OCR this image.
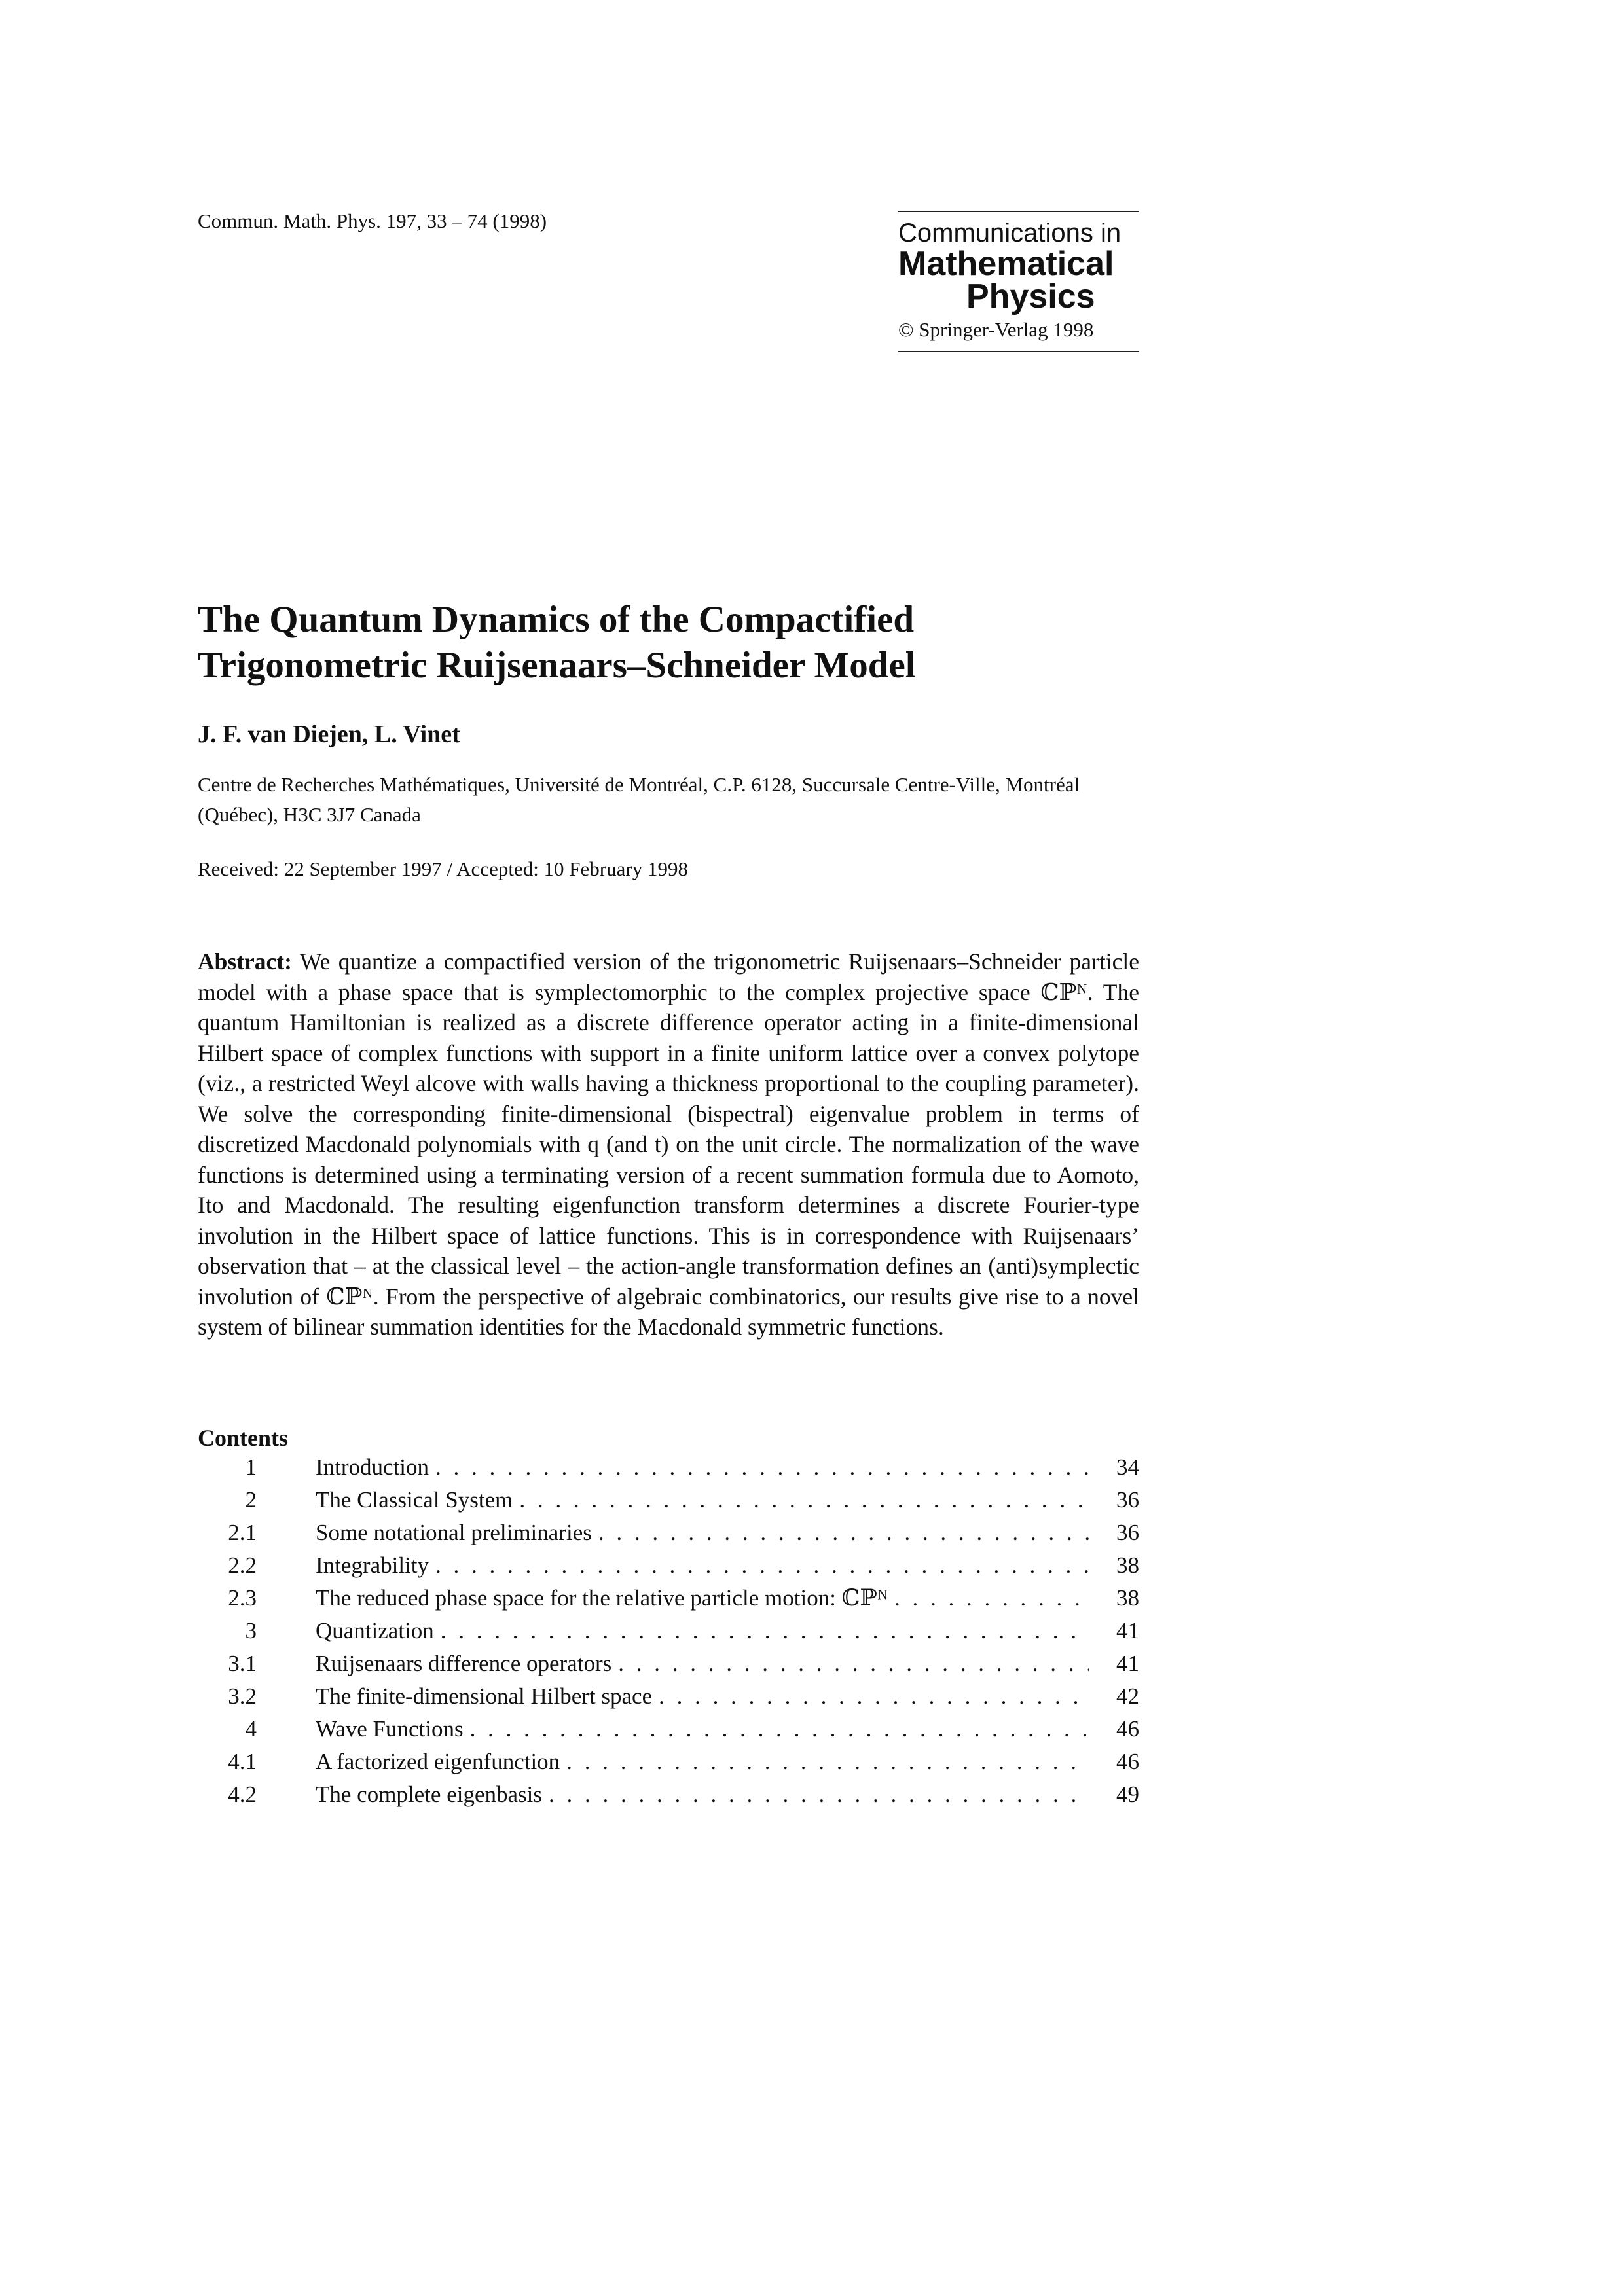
Commun. Math. Phys. 197, 33 – 74 (1998)	Communications in
Mathematical
Physics
© Springer-Verlag 1998
The Quantum Dynamics of the Compactified
Trigonometric Ruijsenaars–Schneider Model
J. F. van Diejen, L. Vinet
Centre de Recherches Mathématiques, Université de Montréal, C.P. 6128, Succursale Centre-Ville, Montréal (Québec), H3C 3J7 Canada
Received: 22 September 1997 / Accepted: 10 February 1998
Abstract: We quantize a compactified version of the trigonometric Ruijsenaars–Schneider particle model with a phase space that is symplectomorphic to the complex projective space ℂℙᴺ. The quantum Hamiltonian is realized as a discrete difference operator acting in a finite-dimensional Hilbert space of complex functions with support in a finite uniform lattice over a convex polytope (viz., a restricted Weyl alcove with walls having a thickness proportional to the coupling parameter). We solve the corresponding finite-dimensional (bispectral) eigenvalue problem in terms of discretized Macdonald polynomials with q (and t) on the unit circle. The normalization of the wave functions is determined using a terminating version of a recent summation formula due to Aomoto, Ito and Macdonald. The resulting eigenfunction transform determines a discrete Fourier-type involution in the Hilbert space of lattice functions. This is in correspondence with Ruijsenaars’ observation that – at the classical level – the action-angle transformation defines an (anti)symplectic involution of ℂℙᴺ. From the perspective of algebraic combinatorics, our results give rise to a novel system of bilinear summation identities for the Macdonald symmetric functions.
Contents
1	Introduction . . .	34
2	The Classical System . . .	36
2.1	Some notational preliminaries . . .	36
2.2	Integrability . . .	38
2.3	The reduced phase space for the relative particle motion: ℂℙᴺ . . .	38
3	Quantization . . .	41
3.1	Ruijsenaars difference operators . . .	41
3.2	The finite-dimensional Hilbert space . . .	42
4	Wave Functions . . .	46
4.1	A factorized eigenfunction . . .	46
4.2	The complete eigenbasis . . .	49
